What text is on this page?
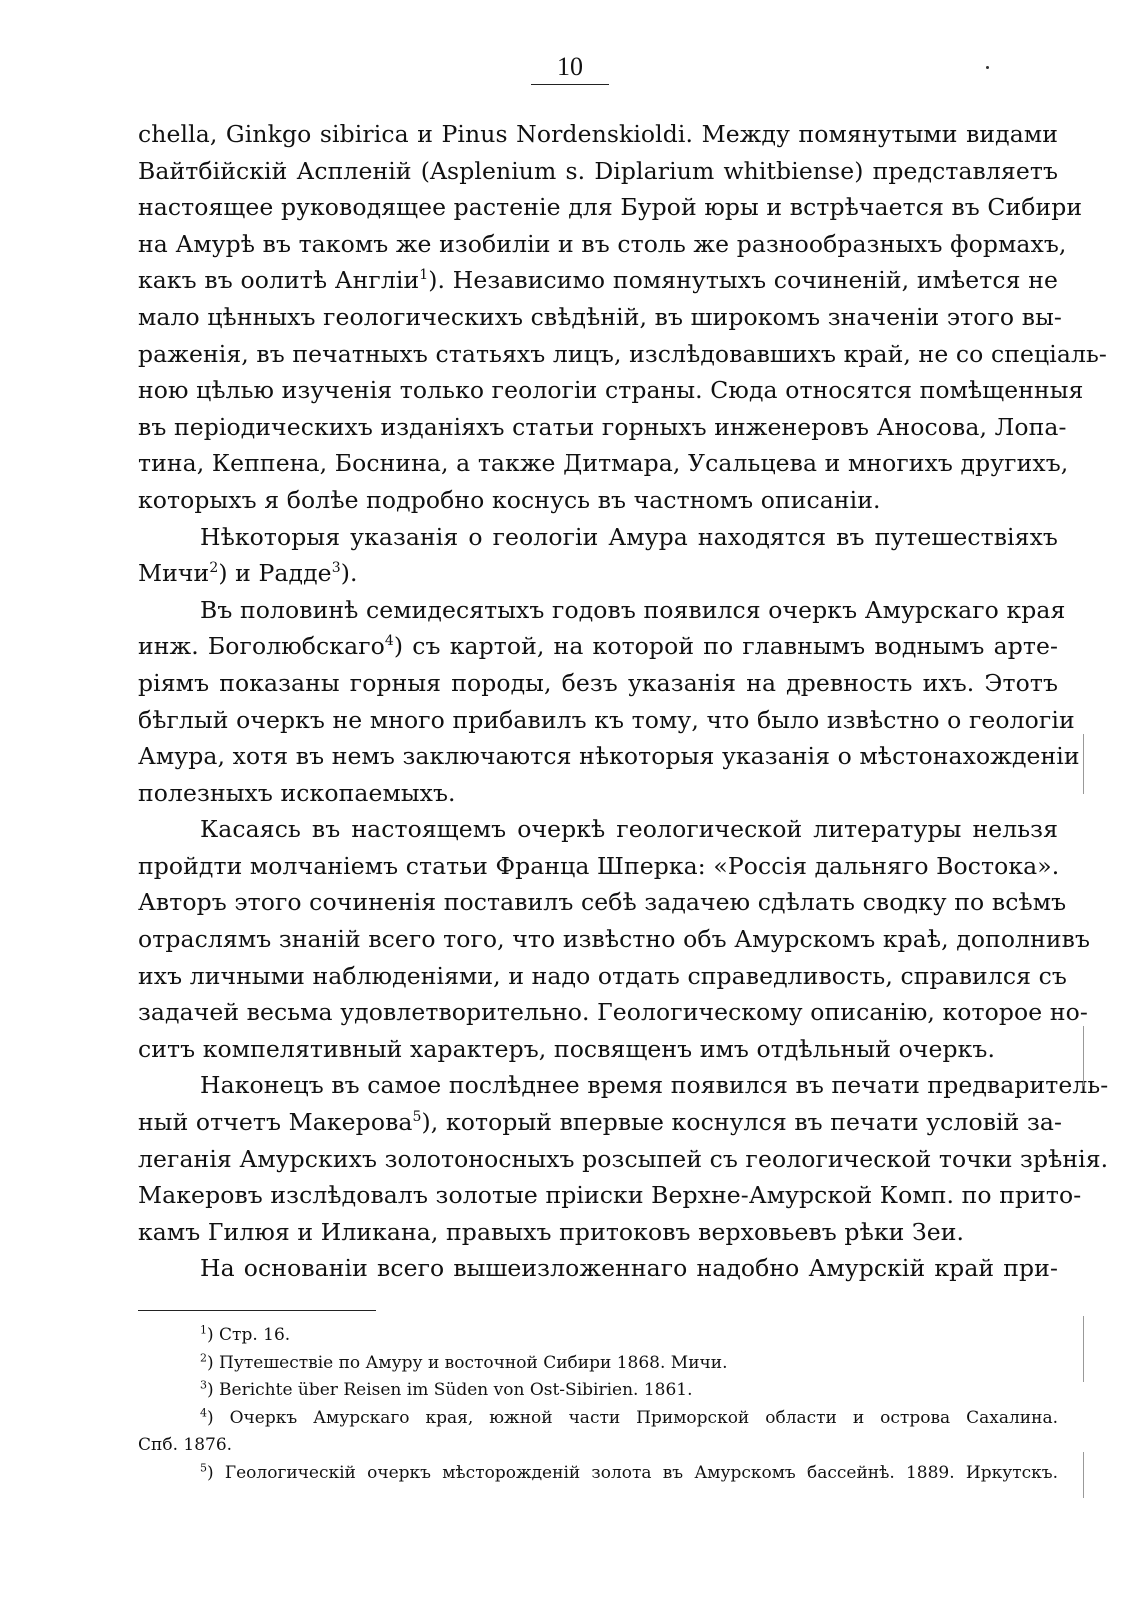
10
chella, Ginkgo sibirica и Pinus Nordenskioldi. Между помянутыми видами
Вайтбійскій Аспленій (Asplenium s. Diplarium whitbiense) представляетъ
настоящее руководящее растеніе для Бурой юры и встрѣчается въ Сибири
на Амурѣ въ такомъ же изобиліи и въ столь же разнообразныхъ формахъ,
какъ въ оолитѣ Англіи$^1$). Независимо помянутыхъ сочиненій, имѣется не
мало цѣнныхъ геологическихъ свѣдѣній, въ широкомъ значеніи этого вы-
раженія, въ печатныхъ статьяхъ лицъ, изслѣдовавшихъ край, не со спеціаль-
ною цѣлью изученія только геологіи страны. Сюда относятся помѣщенныя
въ періодическихъ изданіяхъ статьи горныхъ инженеровъ Аносова, Лопа-
тина, Кеппена, Боснина, а также Дитмара, Усальцева и многихъ другихъ,
которыхъ я болѣе подробно коснусь въ частномъ описаніи.
Нѣкоторыя указанія о геологіи Амура находятся въ путешествіяхъ
Мичи$^2$) и Радде$^3$).
Въ половинѣ семидесятыхъ годовъ появился очеркъ Амурскаго края
инж. Боголюбскаго$^4$) съ картой, на которой по главнымъ воднымъ арте-
ріямъ показаны горныя породы, безъ указанія на древность ихъ. Этотъ
бѣглый очеркъ не много прибавилъ къ тому, что было извѣстно о геологіи
Амура, хотя въ немъ заключаются нѣкоторыя указанія о мѣстонахожденіи
полезныхъ ископаемыхъ.
Касаясь въ настоящемъ очеркѣ геологической литературы нельзя
пройдти молчаніемъ статьи Франца Шперка: «Россія дальняго Востока».
Авторъ этого сочиненія поставилъ себѣ задачею сдѣлать сводку по всѣмъ
отраслямъ знаній всего того, что извѣстно объ Амурскомъ краѣ, дополнивъ
ихъ личными наблюденіями, и надо отдать справедливость, справился съ
задачей весьма удовлетворительно. Геологическому описанію, которое но-
ситъ компелятивный характеръ, посвященъ имъ отдѣльный очеркъ.
Наконецъ въ самое послѣднее время появился въ печати предваритель-
ный отчетъ Макерова$^5$), который впервые коснулся въ печати условій за-
леганія Амурскихъ золотоносныхъ розсыпей съ геологической точки зрѣнія.
Макеровъ изслѣдовалъ золотые пріиски Верхне-Амурской Комп. по прито-
камъ Гилюя и Иликана, правыхъ притоковъ верховьевъ рѣки Зеи.
На основаніи всего вышеизложеннаго надобно Амурскій край при-
$^1$) Стр. 16.
$^2$) Путешествіе по Амуру и восточной Сибири 1868. Мичи.
$^3$) Berichte über Reisen im Süden von Ost-Sibirien. 1861.
$^4$) Очеркъ Амурскаго края, южной части Приморской области и острова Сахалина.
Спб. 1876.
$^5$) Геологическій очеркъ мѣсторожденій золота въ Амурскомъ бассейнѣ. 1889. Иркутскъ.
